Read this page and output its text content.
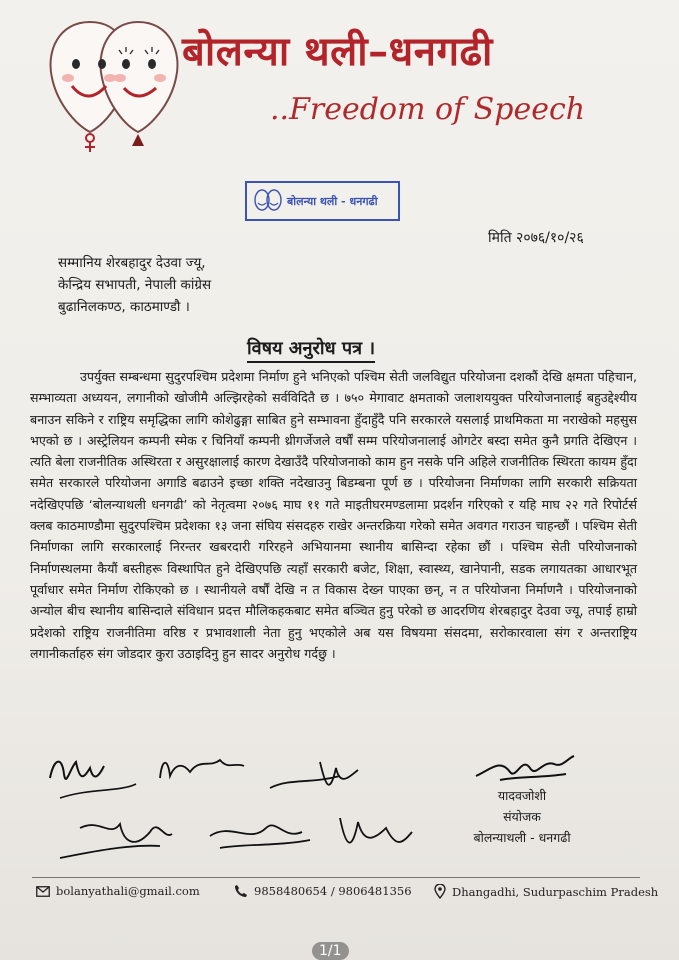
बोलन्या थली–धनगढी
..Freedom of Speech
बोलन्या थली - धनगढी
मिति २०७६/१०/२६
सम्मानिय शेरबहादुर देउवा ज्यू,
केन्द्रिय सभापती, नेपाली कांग्रेस
बुढानिलकण्ठ, काठमाण्डौ ।
विषय अनुरोध पत्र ।

उपर्युक्त सम्बन्धमा सुदुरपश्चिम प्रदेशमा निर्माण हुने भनिएको पश्चिम सेती जलविद्युत परियोजना दशकौं देखि क्षमता पहिचान, सम्भाव्यता अध्ययन, लगानीको खोजीमै अल्झिरहेको सर्वविदितै छ । ७५० मेगावाट क्षमताको जलाशययुक्त परियोजनालाई बहुउद्देश्यीय बनाउन सकिने र राष्ट्रिय समृद्धिका लागि कोशेढुङ्गा साबित हुने सम्भावना हुँदाहुँदै पनि सरकारले यसलाई प्राथमिकता मा नराखेको महसुस भएको छ । अस्ट्रेलियन कम्पनी स्मेक र चिनियाँ कम्पनी थ्रीगर्जेजले वर्षौं सम्म परियोजनालाई ओगटेर बस्दा समेत कुनै प्रगति देखिएन । त्यति बेला राजनीतिक अस्थिरता र असुरक्षालाई कारण देखाउँदै परियोजनाको काम हुन नसके पनि अहिले राजनीतिक स्थिरता कायम हुँदा समेत सरकारले परियोजना अगाडि बढाउने इच्छा शक्ति नदेखाउनु बिडम्बना पूर्ण छ । परियोजना निर्माणका लागि सरकारी सक्रियता नदेखिएपछि ‘बोलन्याथली धनगढी’ को नेतृत्वमा २०७६ माघ ११ गते माइतीघरमण्डलामा प्रदर्शन गरिएको र यहि माघ २२ गते रिपोर्टर्स क्लब काठमाण्डौमा सुदुरपश्चिम प्रदेशका १३ जना संघिय संसदहरु राखेर अन्तरक्रिया गरेको समेत अवगत गराउन चाहन्छौं । पश्चिम सेती निर्माणका लागि सरकारलाई निरन्तर खबरदारी गरिरहने अभियानमा स्थानीय बासिन्दा रहेका छौं । पश्चिम सेती परियोजनाको निर्माणस्थलमा कैयौं बस्तीहरू विस्थापित हुने देखिएपछि त्यहाँ सरकारी बजेट, शिक्षा, स्वास्थ्य, खानेपानी, सडक लगायतका आधारभूत पूर्वाधार समेत निर्माण रोकिएको छ । स्थानीयले वर्षौं देखि न त विकास देख्न पाएका छन्, न त परियोजना निर्माणनै । परियोजनाको अन्योल बीच स्थानीय बासिन्दाले संविधान प्रदत्त मौलिकहकबाट समेत बञ्चित हुनु परेको छ आदरणिय शेरबहादुर देउवा ज्यू, तपाई हाम्रो प्रदेशको राष्ट्रिय राजनीतिमा वरिष्ठ र प्रभावशाली नेता हुनु भएकोले अब यस विषयमा संसदमा, सरोकारवाला संग र अन्तराष्ट्रिय लगानीकर्ताहरु संग जोडदार कुरा उठाइदिनु हुन सादर अनुरोध गर्दछु ।

यादवजोशी
संयोजक
बोलन्याथली - धनगढी
bolanyathali@gmail.com	9858480654 / 9806481356	Dhangadhi, Sudurpaschim Pradesh
1/1
